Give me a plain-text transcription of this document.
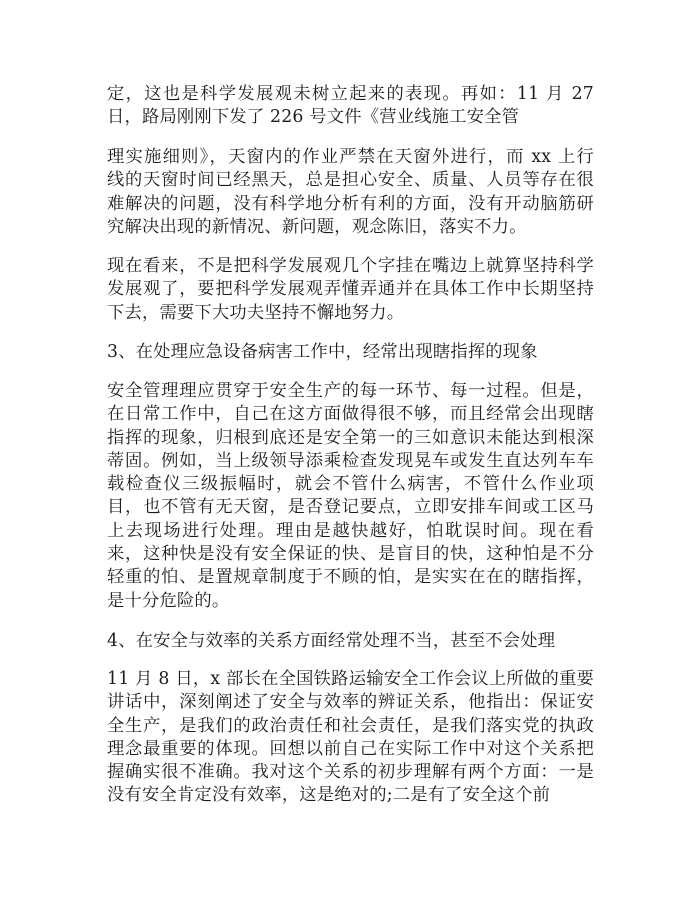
定，这也是科学发展观未树立起来的表现。再如：11 月 27
日，路局刚刚下发了 226 号文件《营业线施工安全管
理实施细则》，天窗内的作业严禁在天窗外进行，而 xx 上行
线的天窗时间已经黑天，总是担心安全、质量、人员等存在很
难解决的问题，没有科学地分析有利的方面，没有开动脑筋研
究解决出现的新情况、新问题，观念陈旧，落实不力。
现在看来，不是把科学发展观几个字挂在嘴边上就算坚持科学
发展观了，要把科学发展观弄懂弄通并在具体工作中长期坚持
下去，需要下大功夫坚持不懈地努力。
3、在处理应急设备病害工作中，经常出现瞎指挥的现象
安全管理理应贯穿于安全生产的每一环节、每一过程。但是，
在日常工作中，自己在这方面做得很不够，而且经常会出现瞎
指挥的现象，归根到底还是安全第一的三如意识未能达到根深
蒂固。例如，当上级领导添乘检查发现晃车或发生直达列车车
载检查仪三级振幅时，就会不管什么病害，不管什么作业项
目，也不管有无天窗，是否登记要点，立即安排车间或工区马
上去现场进行处理。理由是越快越好，怕耽误时间。现在看
来，这种快是没有安全保证的快、是盲目的快，这种怕是不分
轻重的怕、是置规章制度于不顾的怕，是实实在在的瞎指挥，
是十分危险的。
4、在安全与效率的关系方面经常处理不当，甚至不会处理
11 月 8 日，x 部长在全国铁路运输安全工作会议上所做的重要
讲话中，深刻阐述了安全与效率的辨证关系，他指出：保证安
全生产，是我们的政治责任和社会责任，是我们落实党的执政
理念最重要的体现。回想以前自己在实际工作中对这个关系把
握确实很不准确。我对这个关系的初步理解有两个方面：一是
没有安全肯定没有效率，这是绝对的;二是有了安全这个前
